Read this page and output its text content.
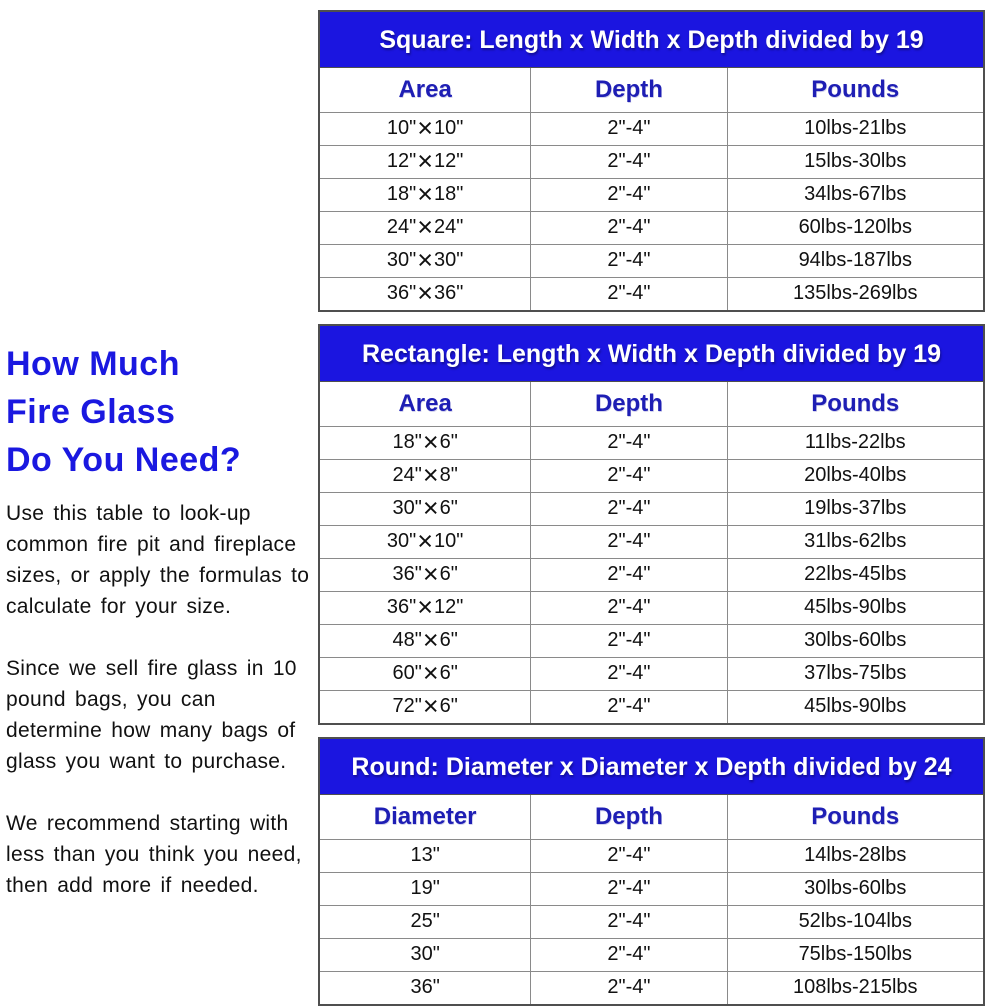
How Much
Fire Glass
Do You Need?

Use this table to look-up common fire pit and fireplace sizes, or apply the formulas to calculate for your size.

Since we sell fire glass in 10 pound bags, you can determine how many bags of glass you want to purchase.

We recommend starting with less than you think you need, then add more if needed.

Square: Length x Width x Depth divided by 19
Area	Depth	Pounds
10"×10"	2"-4"	10lbs-21lbs
12"×12"	2"-4"	15lbs-30lbs
18"×18"	2"-4"	34lbs-67lbs
24"×24"	2"-4"	60lbs-120lbs
30"×30"	2"-4"	94lbs-187lbs
36"×36"	2"-4"	135lbs-269lbs
Rectangle: Length x Width x Depth divided by 19
Area	Depth	Pounds
18"×6"	2"-4"	11lbs-22lbs
24"×8"	2"-4"	20lbs-40lbs
30"×6"	2"-4"	19lbs-37lbs
30"×10"	2"-4"	31lbs-62lbs
36"×6"	2"-4"	22lbs-45lbs
36"×12"	2"-4"	45lbs-90lbs
48"×6"	2"-4"	30lbs-60lbs
60"×6"	2"-4"	37lbs-75lbs
72"×6"	2"-4"	45lbs-90lbs
Round: Diameter x Diameter x Depth divided by 24
Diameter	Depth	Pounds
13"	2"-4"	14lbs-28lbs
19"	2"-4"	30lbs-60lbs
25"	2"-4"	52lbs-104lbs
30"	2"-4"	75lbs-150lbs
36"	2"-4"	108lbs-215lbs
